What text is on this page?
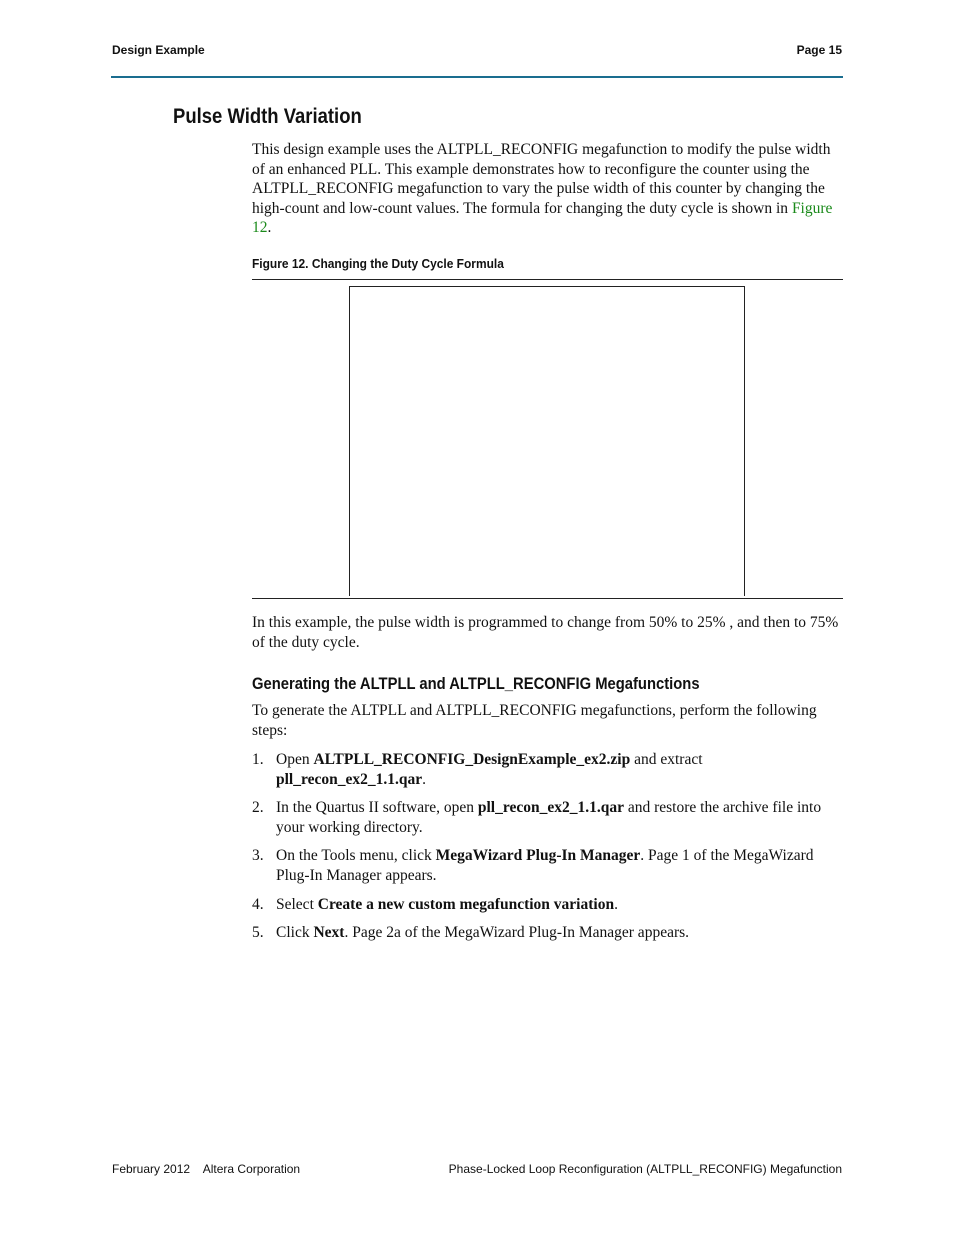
Design Example	Page 15
Pulse Width Variation
This design example uses the ALTPLL_RECONFIG megafunction to modify the pulse width of an enhanced PLL. This example demonstrates how to reconfigure the counter using the ALTPLL_RECONFIG megafunction to vary the pulse width of this counter by changing the high-count and low-count values. The formula for changing the duty cycle is shown in Figure 12.

Figure 12. Changing the Duty Cycle Formula

In this example, the pulse width is programmed to change from 50% to 25% , and then to 75% of the duty cycle.
Generating the ALTPLL and ALTPLL_RECONFIG Megafunctions
To generate the ALTPLL and ALTPLL_RECONFIG megafunctions, perform the following steps:
1. Open ALTPLL_RECONFIG_DesignExample_ex2.zip and extract pll_recon_ex2_1.1.qar.
2. In the Quartus II software, open pll_recon_ex2_1.1.qar and restore the archive file into your working directory.
3. On the Tools menu, click MegaWizard Plug-In Manager. Page 1 of the MegaWizard Plug-In Manager appears.
4. Select Create a new custom megafunction variation.
5. Click Next. Page 2a of the MegaWizard Plug-In Manager appears.
February 2012    Altera Corporation	Phase-Locked Loop Reconfiguration (ALTPLL_RECONFIG) Megafunction
